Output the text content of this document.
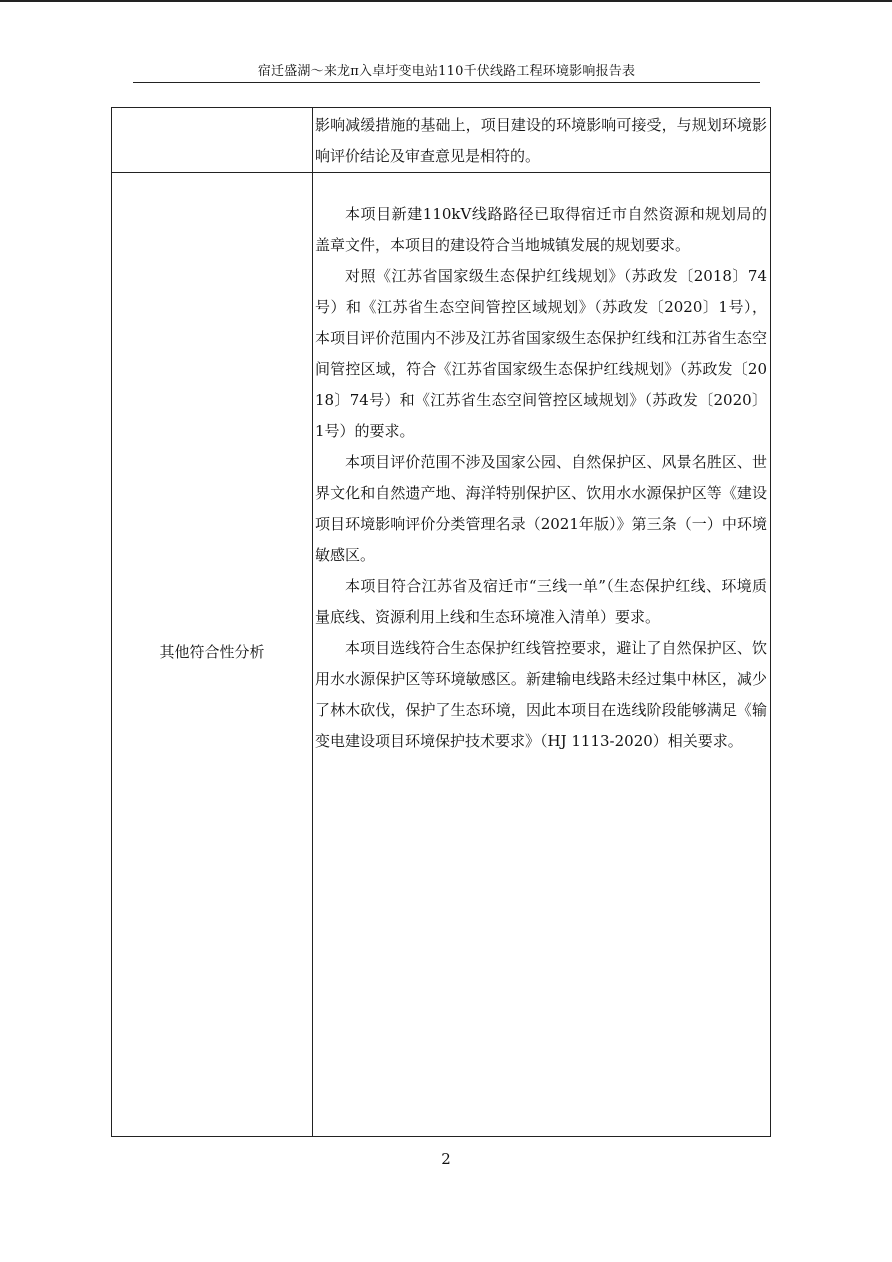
宿迁盛湖～来龙π入卓圩变电站110千伏线路工程环境影响报告表

影响减缓措施的基础上，项目建设的环境影响可接受，与规划环境影响评价结论及审查意见是相符的。

其他符合性分析

本项目新建110kV线路路径已取得宿迁市自然资源和规划局的盖章文件，本项目的建设符合当地城镇发展的规划要求。

对照《江苏省国家级生态保护红线规划》（苏政发〔2018〕74号）和《江苏省生态空间管控区域规划》（苏政发〔2020〕1号），本项目评价范围内不涉及江苏省国家级生态保护红线和江苏省生态空间管控区域，符合《江苏省国家级生态保护红线规划》（苏政发〔2018〕74号）和《江苏省生态空间管控区域规划》（苏政发〔2020〕1号）的要求。

本项目评价范围不涉及国家公园、自然保护区、风景名胜区、世界文化和自然遗产地、海洋特别保护区、饮用水水源保护区等《建设项目环境影响评价分类管理名录（2021年版）》第三条（一）中环境敏感区。

本项目符合江苏省及宿迁市“三线一单”（生态保护红线、环境质量底线、资源利用上线和生态环境准入清单）要求。

本项目选线符合生态保护红线管控要求，避让了自然保护区、饮用水水源保护区等环境敏感区。新建输电线路未经过集中林区，减少了林木砍伐，保护了生态环境，因此本项目在选线阶段能够满足《输变电建设项目环境保护技术要求》（HJ 1113-2020）相关要求。

2
